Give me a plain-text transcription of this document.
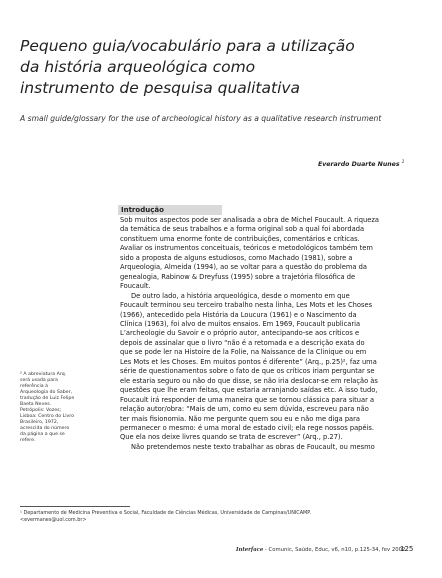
Pequeno guia/vocabulário para a utilização
da história arqueológica como
instrumento de pesquisa qualitativa
A small guide/glossary for the use of archeological history as a qualitative research instrument
Everardo Duarte Nunes $^1$
Introdução
Sob muitos aspectos pode ser analisada a obra de Michel Foucault. A riqueza
da temática de seus trabalhos e a forma original sob a qual foi abordada
constituem uma enorme fonte de contribuições, comentários e críticas.
Avaliar os instrumentos conceituais, teóricos e metodológicos também tem
sido a proposta de alguns estudiosos, como Machado (1981), sobre a
Arqueologia, Almeida (1994), ao se voltar para a questão do problema da
genealogia, Rabinow & Dreyfuss (1995) sobre a trajetória filosófica de
Foucault.
De outro lado, a história arqueológica, desde o momento em que
Foucault terminou seu terceiro trabalho nesta linha, Les Mots et les Choses
(1966), antecedido pela História da Loucura (1961) e o Nascimento da
Clínica (1963), foi alvo de muitos ensaios. Em 1969, Foucault publicaria
L’archeologie du Savoir e o próprio autor, antecipando-se aos críticos e
depois de assinalar que o livro “não é a retomada e a descrição exata do
que se pode ler na Histoire de la Folie, na Naissance de la Clinique ou em
Les Mots et les Choses. Em muitos pontos é diferente” (Arq., p.25)², faz uma
série de questionamentos sobre o fato de que os críticos iriam perguntar se
ele estaria seguro ou não do que disse, se não iria deslocar-se em relação às
questões que lhe eram feitas, que estaria arranjando saídas etc. A isso tudo,
Foucault irá responder de uma maneira que se tornou clássica para situar a
relação autor/obra: “Mais de um, como eu sem dúvida, escreveu para não
ter mais fisionomia. Não me pergunte quem sou eu e não me diga para
permanecer o mesmo: é uma moral de estado civil; ela rege nossos papéis.
Que ela nos deixe livres quando se trata de escrever” (Arq., p.27).
Não pretendemos neste texto trabalhar as obras de Foucault, ou mesmo
² A abreviatura Arq.
será usada para
referência à
Arqueologia do Saber,
tradução de Luiz Felipe
Baeta Neves.
Petrópolis: Vozes;
Lisboa: Centro do Livro
Brasileiro, 1972,
acrescida do número
da página a que se
refere.
¹ Departamento de Medicina Preventiva e Social, Faculdade de Ciências Médicas, Universidade de Campinas/UNICAMP.
<evermanes@uol.com.br>
Interface - Comunic, Saúde, Educ, v6, n10, p.125-34, fev 2002
125
